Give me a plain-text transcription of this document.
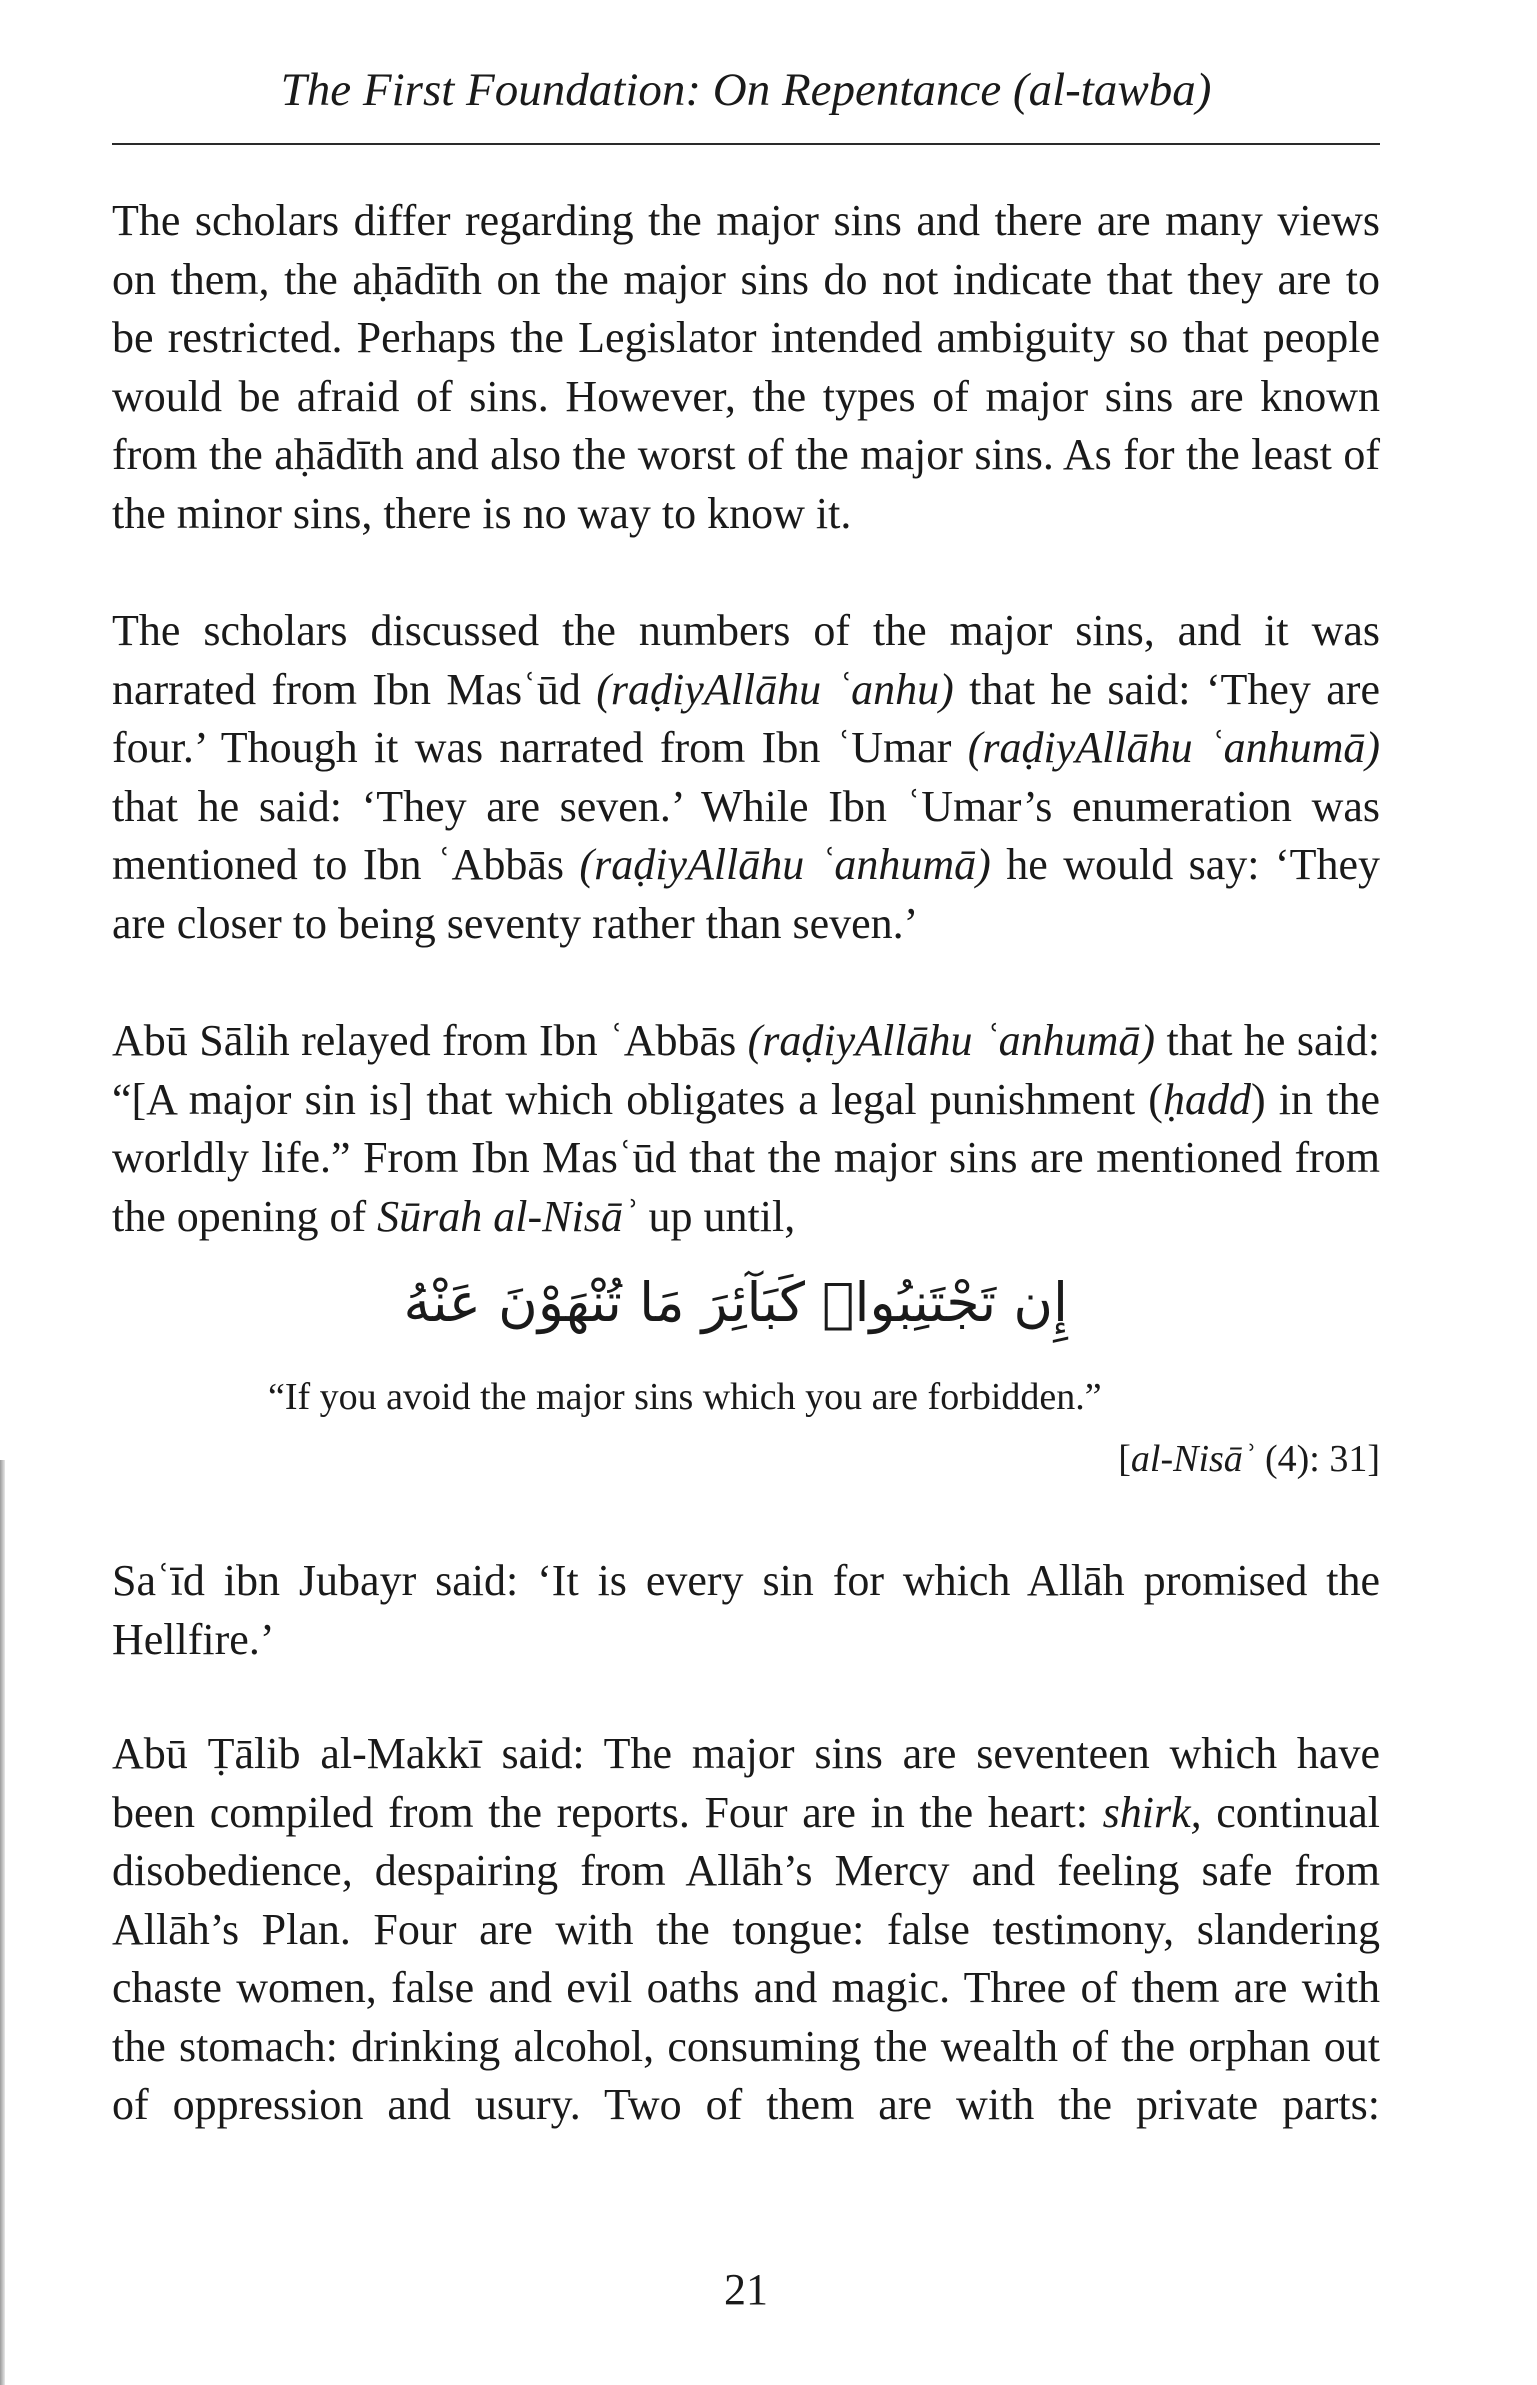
The First Foundation: On Repentance (al-tawba)

The scholars differ regarding the major sins and there are many views on them, the aḥādīth on the major sins do not indicate that they are to be restricted. Perhaps the Legislator intended ambiguity so that people would be afraid of sins. However, the types of major sins are known from the aḥādīth and also the worst of the major sins. As for the least of the minor sins, there is no way to know it.

The scholars discussed the numbers of the major sins, and it was narrated from Ibn Masʿūd (raḍiyAllāhu ʿanhu) that he said: ‘They are four.’ Though it was narrated from Ibn ʿUmar (raḍiyAllāhu ʿanhumā) that he said: ‘They are seven.’ While Ibn ʿUmar’s enumeration was mentioned to Ibn ʿAbbās (raḍiyAllāhu ʿanhumā) he would say: ‘They are closer to being seventy rather than seven.’

Abū Sālih relayed from Ibn ʿAbbās (raḍiyAllāhu ʿanhumā) that he said: “[A major sin is] that which obligates a legal punishment (ḥadd) in the worldly life.” From Ibn Masʿūd that the major sins are mentioned from the opening of Sūrah al-Nisāʾ up until,

إِن تَجْتَنِبُوا۟ كَبَآئِرَ مَا تُنْهَوْنَ عَنْهُ
“If you avoid the major sins which you are forbidden.”
[al-Nisāʾ (4): 31]

Saʿīd ibn Jubayr said: ‘It is every sin for which Allāh promised the Hellfire.’

Abū Ṭālib al-Makkī said: The major sins are seventeen which have been compiled from the reports. Four are in the heart: shirk, continual disobedience, despairing from Allāh’s Mercy and feeling safe from Allāh’s Plan. Four are with the tongue: false testimony, slandering chaste women, false and evil oaths and magic. Three of them are with the stomach: drinking alcohol, consuming the wealth of the orphan out of oppression and usury. Two of them are with the private parts:

21
